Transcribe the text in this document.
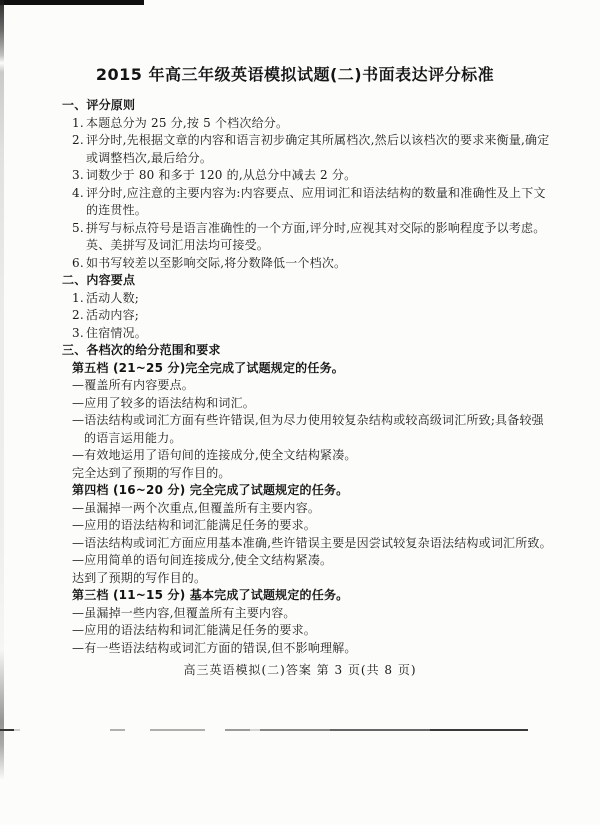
2015 年高三年级英语模拟试题(二)书面表达评分标准
一、评分原则
1. 本题总分为 25 分,按 5 个档次给分。
2. 评分时,先根据文章的内容和语言初步确定其所属档次,然后以该档次的要求来衡量,确定或调整档次,最后给分。
3. 词数少于 80 和多于 120 的,从总分中减去 2 分。
4. 评分时,应注意的主要内容为:内容要点、应用词汇和语法结构的数量和准确性及上下文的连贯性。
5. 拼写与标点符号是语言准确性的一个方面,评分时,应视其对交际的影响程度予以考虑。英、美拼写及词汇用法均可接受。
6. 如书写较差以至影响交际,将分数降低一个档次。
二、内容要点
1. 活动人数;
2. 活动内容;
3. 住宿情况。
三、各档次的给分范围和要求
第五档 (21~25 分)完全完成了试题规定的任务。
—覆盖所有内容要点。
—应用了较多的语法结构和词汇。
—语法结构或词汇方面有些许错误,但为尽力使用较复杂结构或较高级词汇所致;具备较强的语言运用能力。
—有效地运用了语句间的连接成分,使全文结构紧凑。
完全达到了预期的写作目的。
第四档 (16~20 分) 完全完成了试题规定的任务。
—虽漏掉一两个次重点,但覆盖所有主要内容。
—应用的语法结构和词汇能满足任务的要求。
—语法结构或词汇方面应用基本准确,些许错误主要是因尝试较复杂语法结构或词汇所致。
—应用简单的语句间连接成分,使全文结构紧凑。
达到了预期的写作目的。
第三档 (11~15 分) 基本完成了试题规定的任务。
—虽漏掉一些内容,但覆盖所有主要内容。
—应用的语法结构和词汇能满足任务的要求。
—有一些语法结构或词汇方面的错误,但不影响理解。
高三英语模拟(二)答案 第 3 页(共 8 页)
